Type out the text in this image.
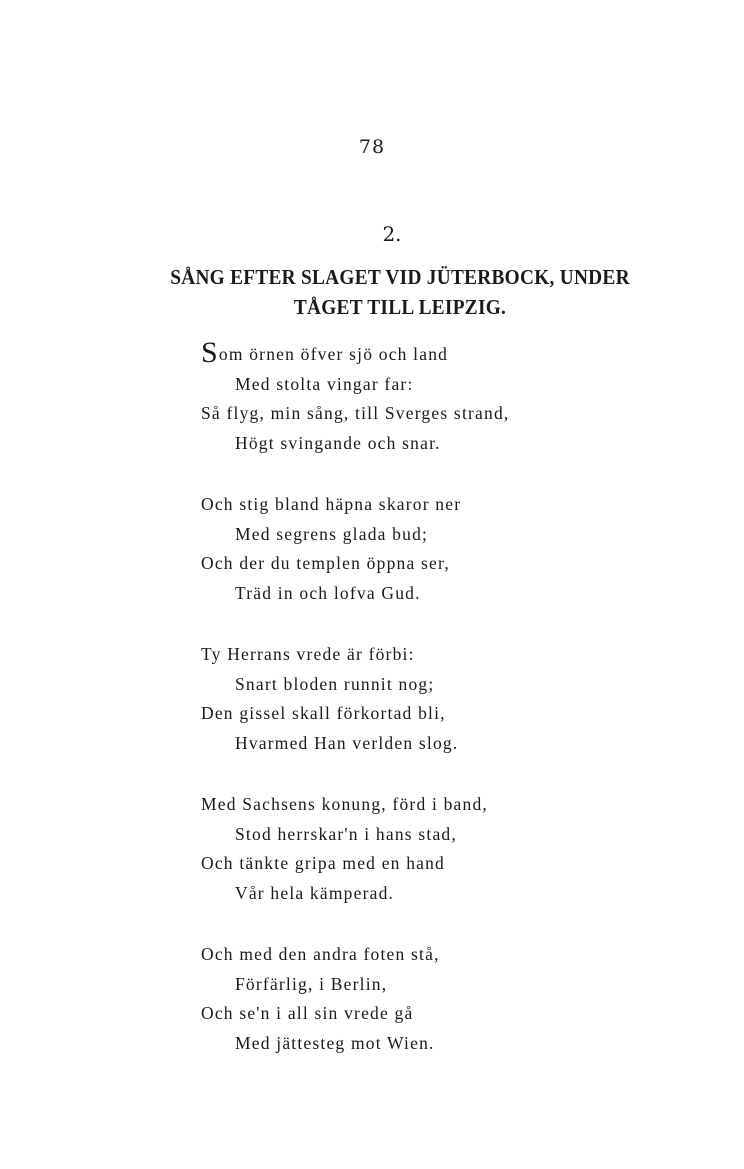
78
2.
SÅNG EFTER SLAGET VID JÜTERBOCK, UNDER TÅGET TILL LEIPZIG.
Som örnen öfver sjö och land
Med stolta vingar far:
Så flyg, min sång, till Sverges strand,
Högt svingande och snar.
Och stig bland häpna skaror ner
Med segrens glada bud;
Och der du templen öppna ser,
Träd in och lofva Gud.
Ty Herrans vrede är förbi:
Snart bloden runnit nog;
Den gissel skall förkortad bli,
Hvarmed Han verlden slog.
Med Sachsens konung, förd i band,
Stod herrskar'n i hans stad,
Och tänkte gripa med en hand
Vår hela kämperad.
Och med den andra foten stå,
Förfärlig, i Berlin,
Och se'n i all sin vrede gå
Med jättesteg mot Wien.
